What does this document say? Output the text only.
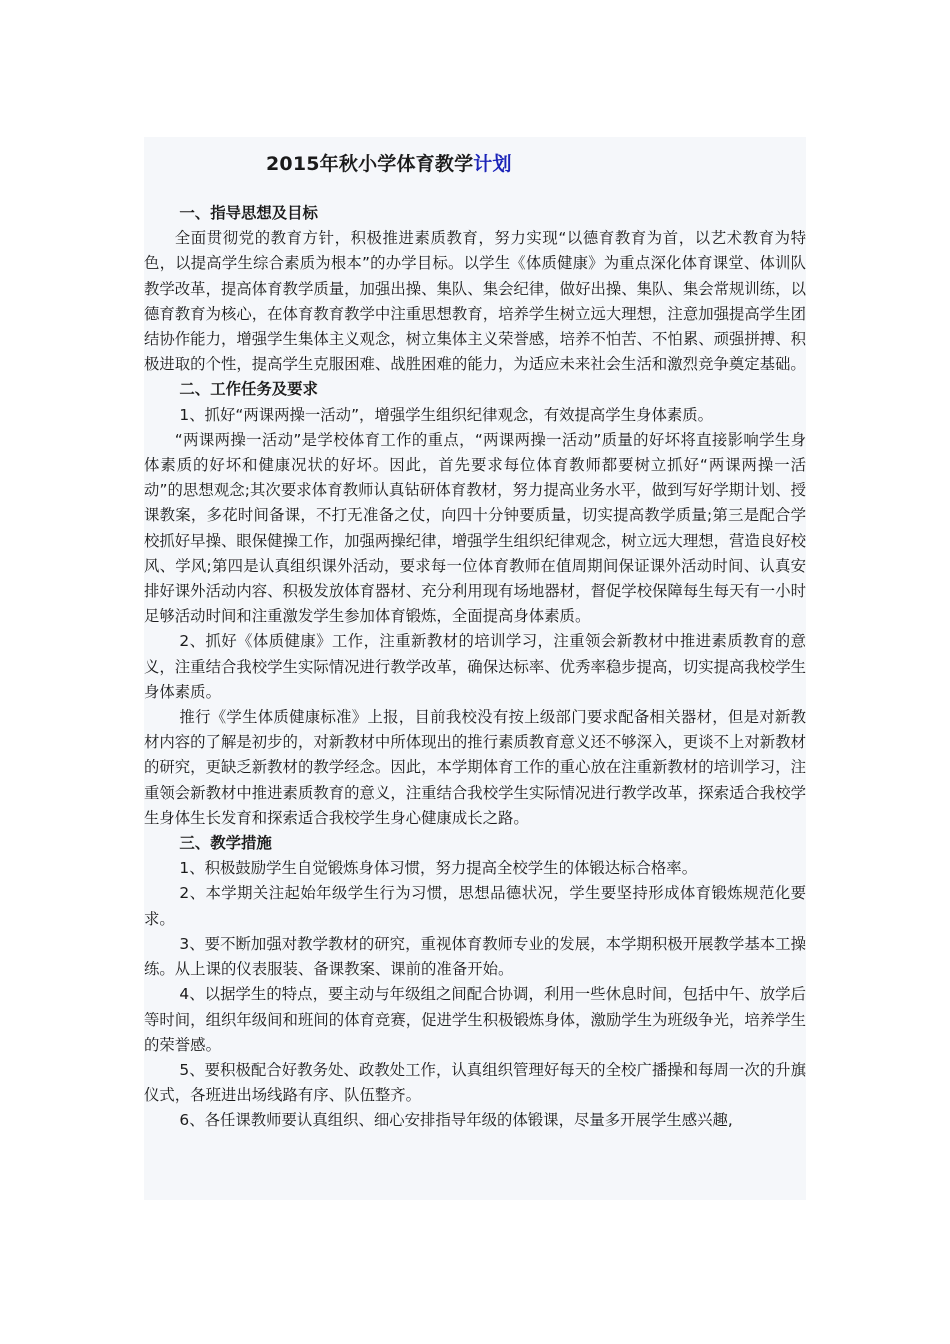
2015年秋小学体育教学计划
一、指导思想及目标

全面贯彻党的教育方针，积极推进素质教育，努力实现“以德育教育为首，以艺术教育为特色，以提高学生综合素质为根本”的办学目标。以学生《体质健康》为重点深化体育课堂、体训队教学改革，提高体育教学质量，加强出操、集队、集会纪律，做好出操、集队、集会常规训练，以德育教育为核心，在体育教育教学中注重思想教育，培养学生树立远大理想，注意加强提高学生团结协作能力，增强学生集体主义观念，树立集体主义荣誉感，培养不怕苦、不怕累、顽强拼搏、积极进取的个性，提高学生克服困难、战胜困难的能力，为适应未来社会生活和激烈竞争奠定基础。

二、工作任务及要求

1、抓好“两课两操一活动”，增强学生组织纪律观念，有效提高学生身体素质。

“两课两操一活动”是学校体育工作的重点，“两课两操一活动”质量的好坏将直接影响学生身体素质的好坏和健康况状的好坏。因此，首先要求每位体育教师都要树立抓好“两课两操一活动”的思想观念;其次要求体育教师认真钻研体育教材，努力提高业务水平，做到写好学期计划、授课教案，多花时间备课，不打无准备之仗，向四十分钟要质量，切实提高教学质量;第三是配合学校抓好早操、眼保健操工作，加强两操纪律，增强学生组织纪律观念，树立远大理想，营造良好校风、学风;第四是认真组织课外活动，要求每一位体育教师在值周期间保证课外活动时间、认真安排好课外活动内容、积极发放体育器材、充分利用现有场地器材，督促学校保障每生每天有一小时足够活动时间和注重激发学生参加体育锻炼，全面提高身体素质。

2、抓好《体质健康》工作，注重新教材的培训学习，注重领会新教材中推进素质教育的意义，注重结合我校学生实际情况进行教学改革，确保达标率、优秀率稳步提高，切实提高我校学生身体素质。

推行《学生体质健康标准》上报，目前我校没有按上级部门要求配备相关器材，但是对新教材内容的了解是初步的，对新教材中所体现出的推行素质教育意义还不够深入，更谈不上对新教材的研究，更缺乏新教材的教学经念。因此，本学期体育工作的重心放在注重新教材的培训学习，注重领会新教材中推进素质教育的意义，注重结合我校学生实际情况进行教学改革，探索适合我校学生身体生长发育和探索适合我校学生身心健康成长之路。

三、教学措施

1、积极鼓励学生自觉锻炼身体习惯，努力提高全校学生的体锻达标合格率。

2、本学期关注起始年级学生行为习惯，思想品德状况，学生要坚持形成体育锻炼规范化要求。

3、要不断加强对教学教材的研究，重视体育教师专业的发展，本学期积极开展教学基本工操练。从上课的仪表服装、备课教案、课前的准备开始。

4、以据学生的特点，要主动与年级组之间配合协调，利用一些休息时间，包括中午、放学后等时间，组织年级间和班间的体育竞赛，促进学生积极锻炼身体，激励学生为班级争光，培养学生的荣誉感。

5、要积极配合好教务处、政教处工作，认真组织管理好每天的全校广播操和每周一次的升旗仪式，各班进出场线路有序、队伍整齐。

6、各任课教师要认真组织、细心安排指导年级的体锻课，尽量多开展学生感兴趣,
